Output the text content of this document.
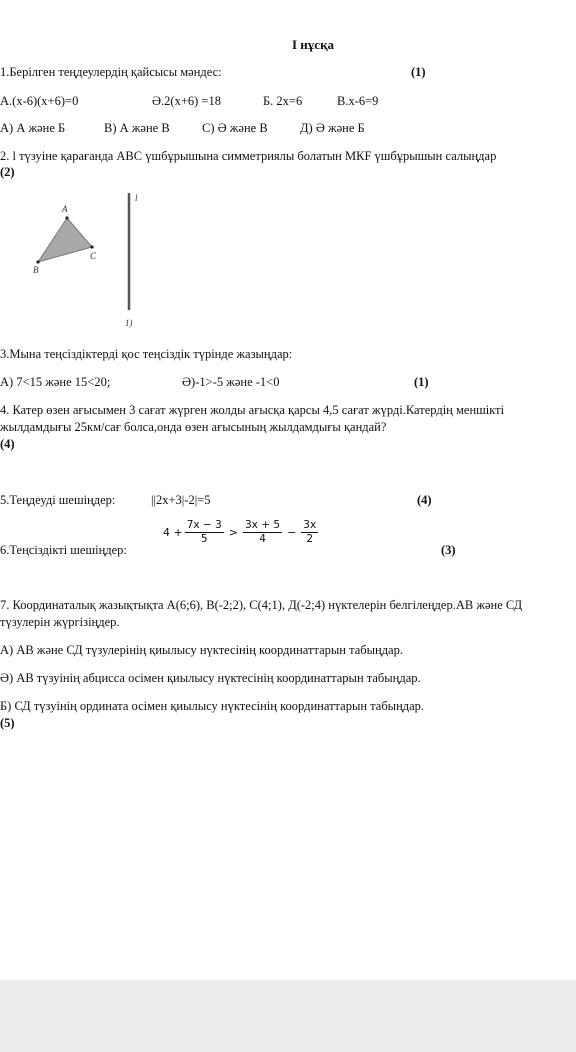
І нұсқа
1.Берілген теңдеулердің қайсысы мәндес:	(1)
А.(х-6)(х+6)=0	Ә.2(х+6) =18	Б. 2х=6	В.х-6=9
А) А және Б	В) А және В	С) Ә және В	Д) Ә және Б
2. l түзуіне қарағанда АВС үшбұрышына симметриялы болатын МКF үшбұрышын салыңдар
(2)
A
B
C
l
1)
3.Мына теңсіздіктерді қос теңсіздік түрінде жазыңдар:
А) 7<15 және 15<20;	Ә)-1>-5 және -1<0	(1)
4. Катер өзен ағысымен 3 сағат жүрген жолды ағысқа қарсы 4,5 сағат жүрді.Катердің меншікті
жылдамдығы 25км/сағ болса,онда өзен ағысының жылдамдығы қандай?
(4)
5.Теңдеуді шешіңдер:	||2х+3|-2|=5	(4)
6.Теңсіздікті шешіңдер:
$4 + \frac{7x - 3}{5} > \frac{3x + 5}{4} - \frac{3x}{2}$
(3)
7. Координаталық жазықтықта А(6;6), В(-2;2), С(4;1), Д(-2;4) нүктелерін белгілеңдер.АВ және СД
түзулерін жүргізіңдер.
А) АВ және СД түзулерінің қиылысу нүктесінің координаттарын табыңдар.
Ә) АВ түзуінің абцисса осімен қиылысу нүктесінің координаттарын табыңдар.
Б) СД түзуінің ордината осімен қиылысу нүктесінің координаттарын табыңдар.
(5)
